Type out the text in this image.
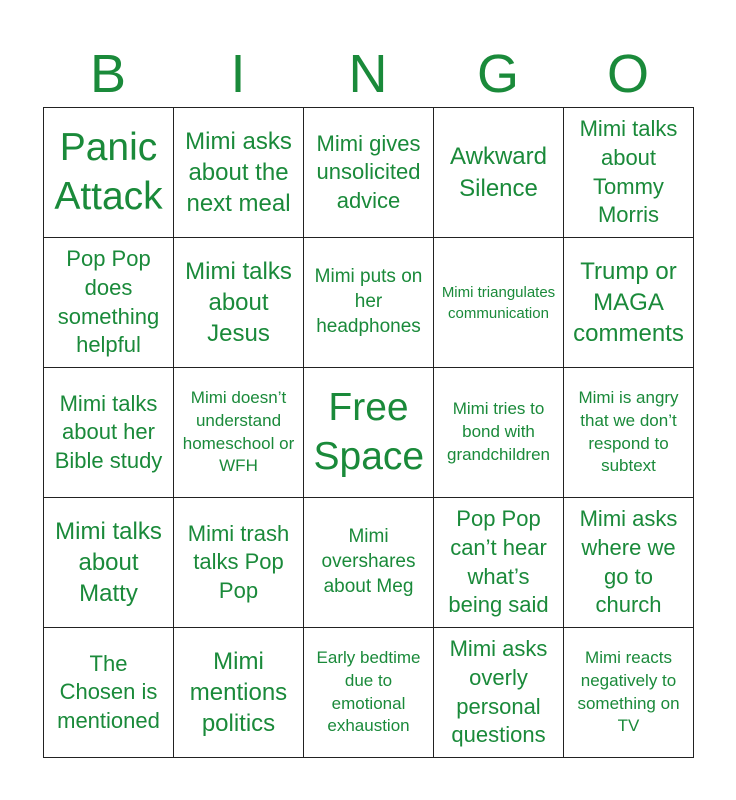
B	I	N	G	O
Panic Attack
Mimi asks about the next meal
Mimi gives unsolicited advice
Awkward Silence
Mimi talks about Tommy Morris
Pop Pop does something helpful
Mimi talks about Jesus
Mimi puts on her headphones
Mimi triangulates communication
Trump or MAGA comments
Mimi talks about her Bible study
Mimi doesn’t understand homeschool or WFH
Free Space
Mimi tries to bond with grandchildren
Mimi is angry that we don’t respond to subtext
Mimi talks about Matty
Mimi trash talks Pop Pop
Mimi overshares about Meg
Pop Pop can’t hear what’s being said
Mimi asks where we go to church
The Chosen is mentioned
Mimi mentions politics
Early bedtime due to emotional exhaustion
Mimi asks overly personal questions
Mimi reacts negatively to something on TV
